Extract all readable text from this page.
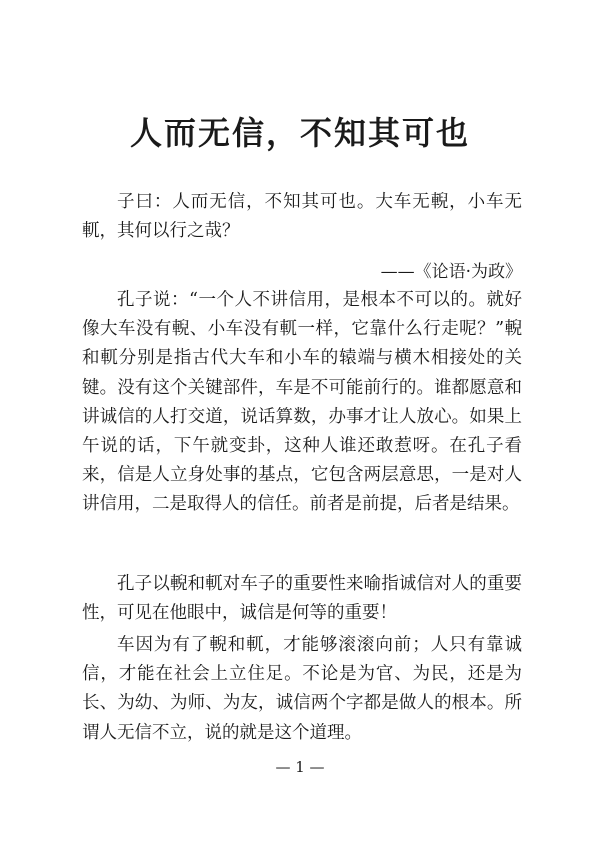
人而无信，不知其可也

子曰：人而无信，不知其可也。大车无輗，小车无軏，其何以行之哉？

——《论语·为政》

孔子说：“一个人不讲信用，是根本不可以的。就好像大车没有輗、小车没有軏一样，它靠什么行走呢？”輗和軏分别是指古代大车和小车的辕端与横木相接处的关键。没有这个关键部件，车是不可能前行的。谁都愿意和讲诚信的人打交道，说话算数，办事才让人放心。如果上午说的话，下午就变卦，这种人谁还敢惹呀。在孔子看来，信是人立身处事的基点，它包含两层意思，一是对人讲信用，二是取得人的信任。前者是前提，后者是结果。

孔子以輗和軏对车子的重要性来喻指诚信对人的重要性，可见在他眼中，诚信是何等的重要！

车因为有了輗和軏，才能够滚滚向前；人只有靠诚信，才能在社会上立住足。不论是为官、为民，还是为长、为幼、为师、为友，诚信两个字都是做人的根本。所谓人无信不立，说的就是这个道理。

— 1 —
